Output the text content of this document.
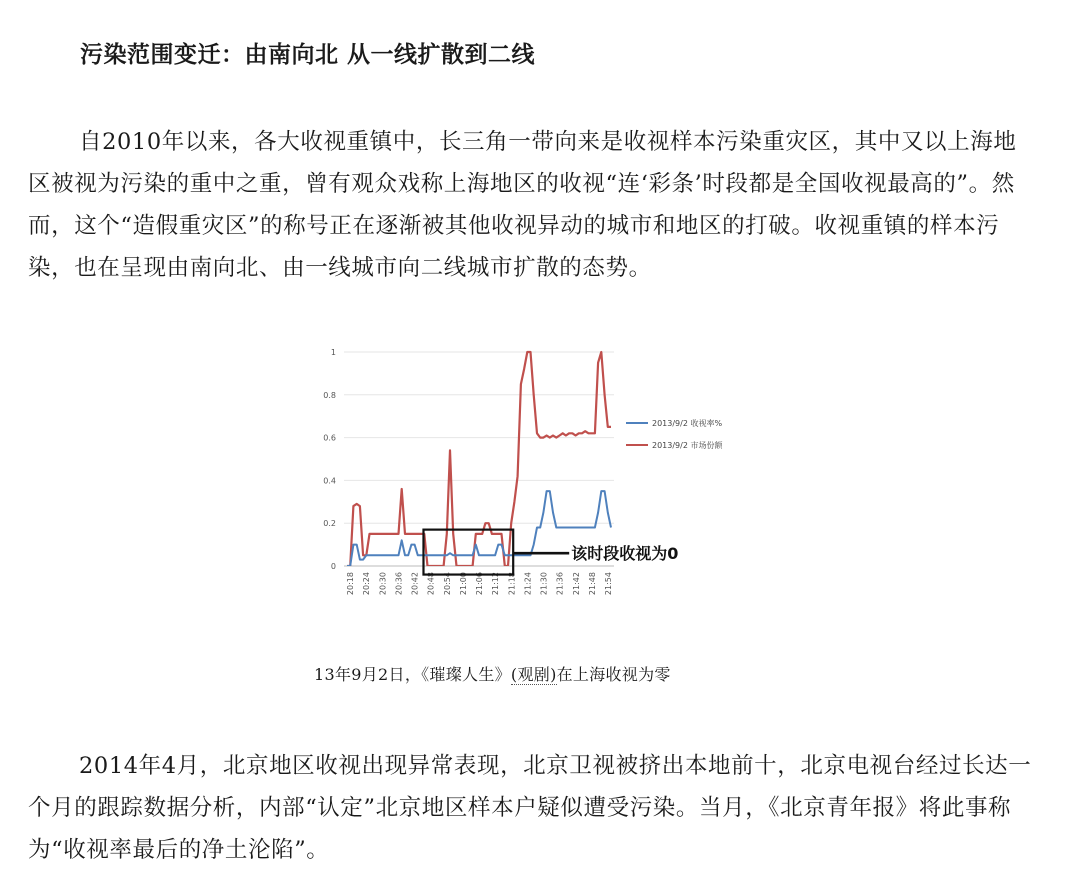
污染范围变迁：由南向北 从一线扩散到二线

自2010年以来，各大收视重镇中，长三角一带向来是收视样本污染重灾区，其中又以上海地区被视为污染的重中之重，曾有观众戏称上海地区的收视“连‘彩条’时段都是全国收视最高的”。然而，这个“造假重灾区”的称号正在逐渐被其他收视异动的城市和地区的打破。收视重镇的样本污染，也在呈现由南向北、由一线城市向二线城市扩散的态势。

0
0.2
0.4
0.6
0.8
1
20:18 20:24 20:30 20:36 20:42 20:48 20:54 21:00 21:06 21:12 21:18 21:24 21:30 21:36 21:42 21:48 21:54
2013/9/2 收视率%
2013/9/2 市场份额
该时段收视为0
13年9月2日，《璀璨人生》(观剧)在上海收视为零

2014年4月，北京地区收视出现异常表现，北京卫视被挤出本地前十，北京电视台经过长达一个月的跟踪数据分析，内部“认定”北京地区样本户疑似遭受污染。当月，《北京青年报》将此事称为“收视率最后的净土沦陷”。
